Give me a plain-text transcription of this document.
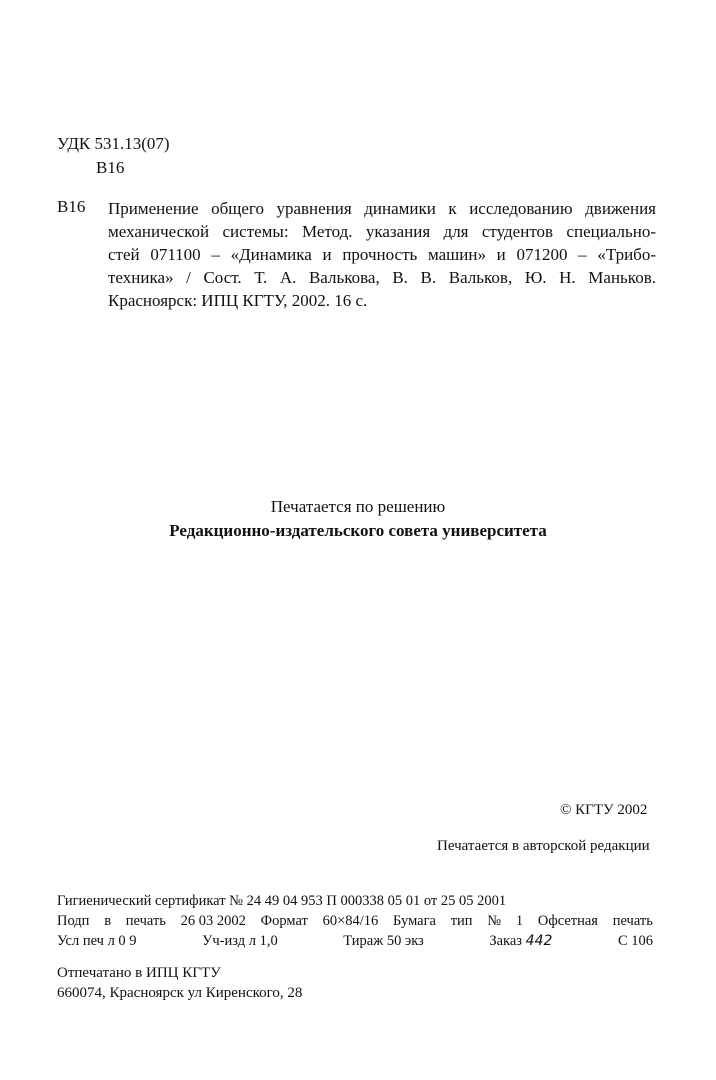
УДК 531.13(07)
В16
В16 Применение общего уравнения динамики к исследованию движения
механической системы: Метод. указания для студентов специально-
стей 071100 – «Динамика и прочность машин» и 071200 – «Трибо-
техника» / Сост. Т. А. Валькова, В. В. Вальков, Ю. Н. Маньков.
Красноярск: ИПЦ КГТУ, 2002. 16 с.
Печатается по решению
Редакционно-издательского совета университета
© КГТУ 2002
Печатается в авторской редакции
Гигиенический сертификат № 24 49 04 953 П 000338 05 01 от 25 05 2001
Подп в печать 26 03 2002 Формат 60×84/16 Бумага тип № 1 Офсетная печать
Усл печ л 0 9	Уч-изд л 1,0	Тираж 50 экз	Заказ 442	С 106
Отпечатано в ИПЦ КГТУ
660074, Красноярск ул Киренского, 28
